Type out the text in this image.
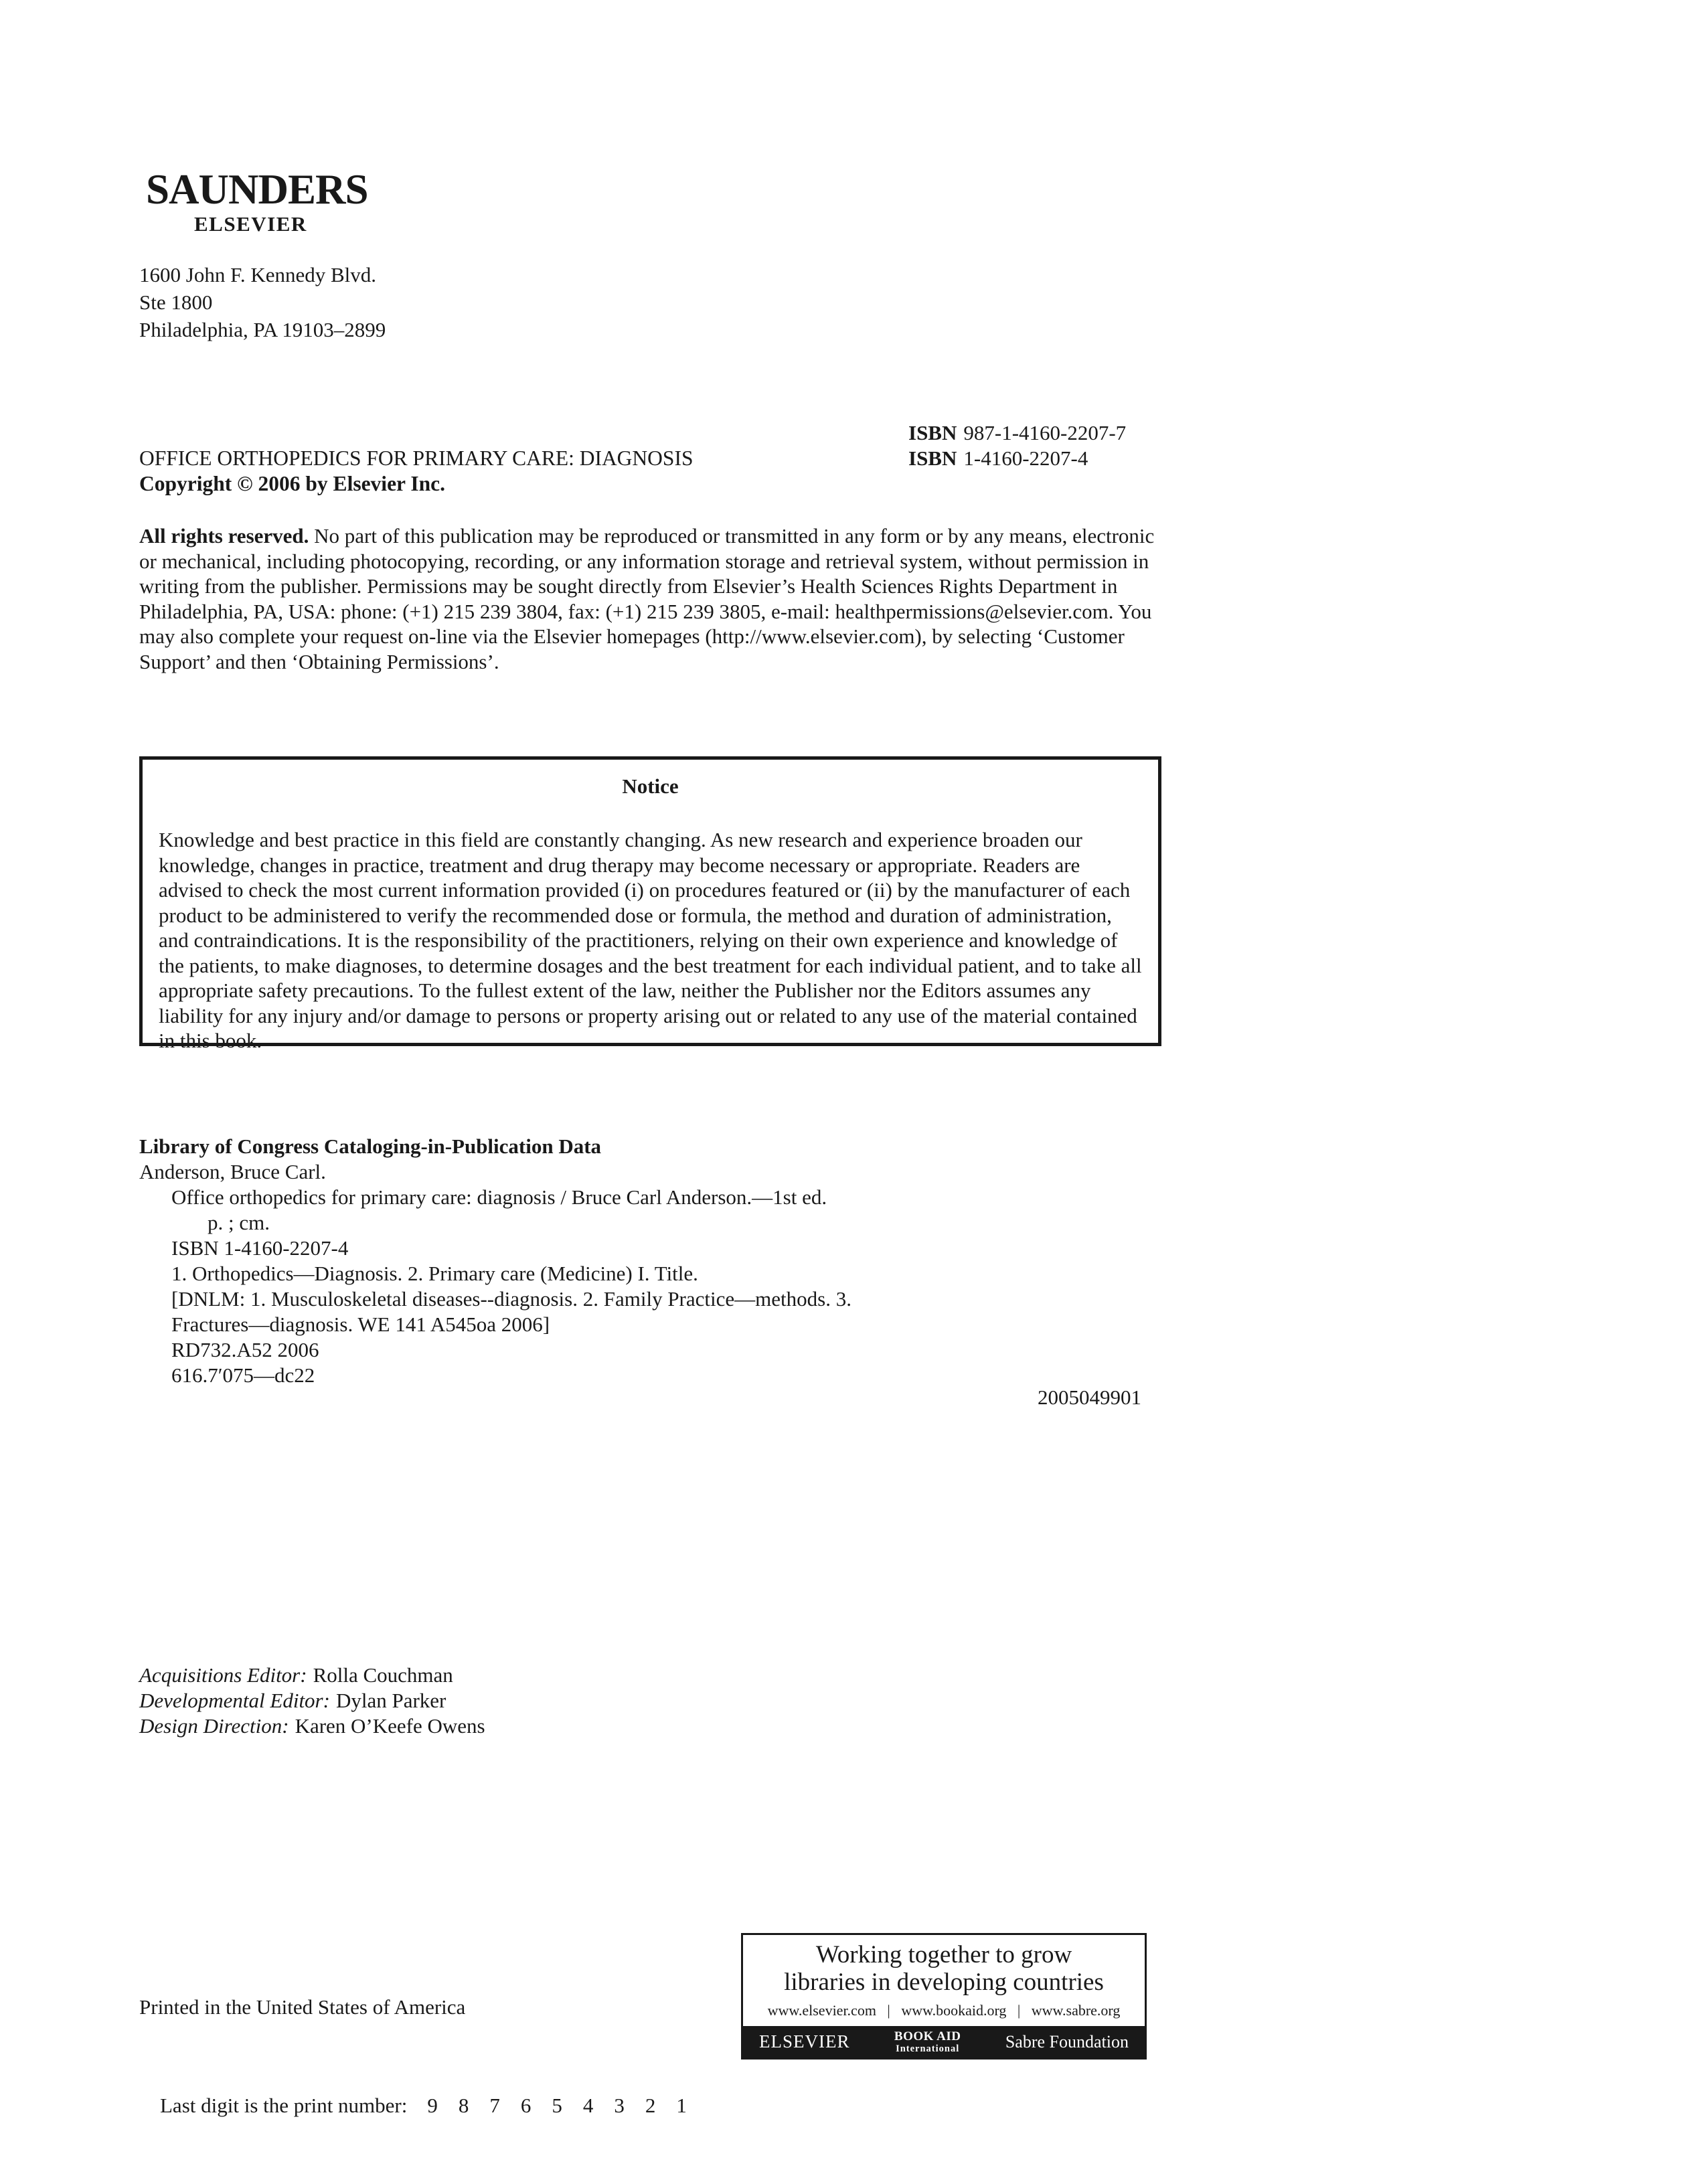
SAUNDERS
ELSEVIER
1600 John F. Kennedy Blvd.
Ste 1800
Philadelphia, PA 19103–2899
ISBN 987-1-4160-2207-7
ISBN 1-4160-2207-4
OFFICE ORTHOPEDICS FOR PRIMARY CARE: DIAGNOSIS
Copyright © 2006 by Elsevier Inc.
All rights reserved. No part of this publication may be reproduced or transmitted in any form or by any means, electronic or mechanical, including photocopying, recording, or any information storage and retrieval system, without permission in writing from the publisher. Permissions may be sought directly from Elsevier’s Health Sciences Rights Department in Philadelphia, PA, USA: phone: (+1) 215 239 3804, fax: (+1) 215 239 3805, e-mail: healthpermissions@elsevier.com. You may also complete your request on-line via the Elsevier homepages (http://www.elsevier.com), by selecting ‘Customer Support’ and then ‘Obtaining Permissions’.
Notice
Knowledge and best practice in this field are constantly changing. As new research and experience broaden our knowledge, changes in practice, treatment and drug therapy may become necessary or appropriate. Readers are advised to check the most current information provided (i) on procedures featured or (ii) by the manufacturer of each product to be administered to verify the recommended dose or formula, the method and duration of administration, and contraindications. It is the responsibility of the practitioners, relying on their own experience and knowledge of the patients, to make diagnoses, to determine dosages and the best treatment for each individual patient, and to take all appropriate safety precautions. To the fullest extent of the law, neither the Publisher nor the Editors assumes any liability for any injury and/or damage to persons or property arising out or related to any use of the material contained in this book.
Library of Congress Cataloging-in-Publication Data
Anderson, Bruce Carl.
Office orthopedics for primary care: diagnosis / Bruce Carl Anderson.—1st ed.
p. ; cm.
ISBN 1-4160-2207-4
1. Orthopedics—Diagnosis. 2. Primary care (Medicine) I. Title.
[DNLM: 1. Musculoskeletal diseases--diagnosis. 2. Family Practice—methods. 3.
Fractures—diagnosis. WE 141 A545oa 2006]
RD732.A52 2006
616.7′075—dc22
2005049901
Acquisitions Editor: Rolla Couchman
Developmental Editor: Dylan Parker
Design Direction: Karen O’Keefe Owens
Printed in the United States of America

Last digit is the print number: 9    8    7    6    5    4    3    2    1

Working together to grow
libraries in developing countries
www.elsevier.com   |   www.bookaid.org   |   www.sabre.org
ELSEVIER	BOOK AID
International	Sabre Foundation
